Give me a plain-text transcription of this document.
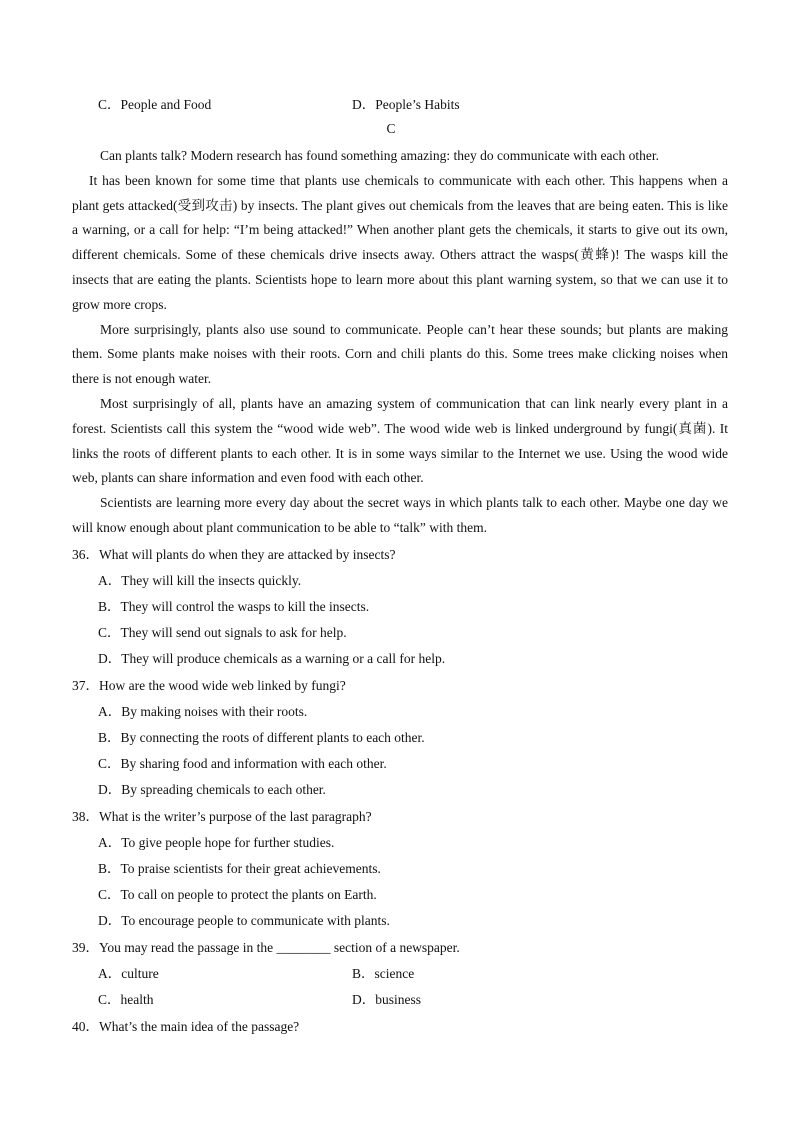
C．People and Food	D．People’s Habits
C

Can plants talk? Modern research has found something amazing: they do communicate with each other.

It has been known for some time that plants use chemicals to communicate with each other. This happens when a plant gets attacked(受到攻击) by insects. The plant gives out chemicals from the leaves that are being eaten. This is like a warning, or a call for help: “I’m being attacked!” When another plant gets the chemicals, it starts to give out its own, different chemicals. Some of these chemicals drive insects away. Others attract the wasps(黄蜂)! The wasps kill the insects that are eating the plants. Scientists hope to learn more about this plant warning system, so that we can use it to grow more crops.

More surprisingly, plants also use sound to communicate. People can’t hear these sounds; but plants are making them. Some plants make noises with their roots. Corn and chili plants do this. Some trees make clicking noises when there is not enough water.

Most surprisingly of all, plants have an amazing system of communication that can link nearly every plant in a forest. Scientists call this system the “wood wide web”. The wood wide web is linked underground by fungi(真菌). It links the roots of different plants to each other. It is in some ways similar to the Internet we use. Using the wood wide web, plants can share information and even food with each other.

Scientists are learning more every day about the secret ways in which plants talk to each other. Maybe one day we will know enough about plant communication to be able to “talk” with them.

36．What will plants do when they are attacked by insects?
A．They will kill the insects quickly.
B．They will control the wasps to kill the insects.
C．They will send out signals to ask for help.
D．They will produce chemicals as a warning or a call for help.
37．How are the wood wide web linked by fungi?
A．By making noises with their roots.
B．By connecting the roots of different plants to each other.
C．By sharing food and information with each other.
D．By spreading chemicals to each other.
38．What is the writer’s purpose of the last paragraph?
A．To give people hope for further studies.
B．To praise scientists for their great achievements.
C．To call on people to protect the plants on Earth.
D．To encourage people to communicate with plants.
39．You may read the passage in the ________ section of a newspaper.
A．culture	B．science
C．health	D．business
40．What’s the main idea of the passage?
